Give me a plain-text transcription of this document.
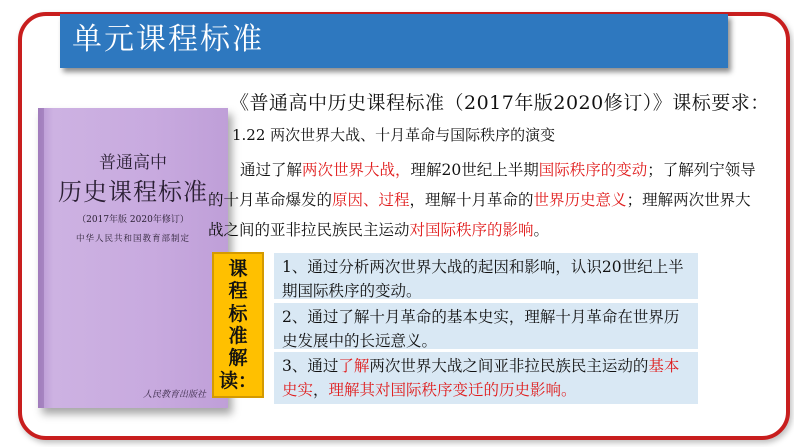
单元课程标准
普通高中
历史课程标准
（2017年版 2020年修订）
中华人民共和国教育部制定
人民教育出版社
《普通高中历史课程标准（2017年版2020修订）》课标要求：
1.22 两次世界大战、十月革命与国际秩序的演变
通过了解两次世界大战，理解20世纪上半期国际秩序的变动；了解列宁领导
的十月革命爆发的原因、过程，理解十月革命的世界历史意义；理解两次世界大
战之间的亚非拉民族民主运动对国际秩序的影响。
课
程
标
准
解
读：
1、通过分析两次世界大战的起因和影响，认识20世纪上半期国际秩序的变动。
2、通过了解十月革命的基本史实，理解十月革命在世界历史发展中的长远意义。
3、通过了解两次世界大战之间亚非拉民族民主运动的基本史实，理解其对国际秩序变迁的历史影响。
